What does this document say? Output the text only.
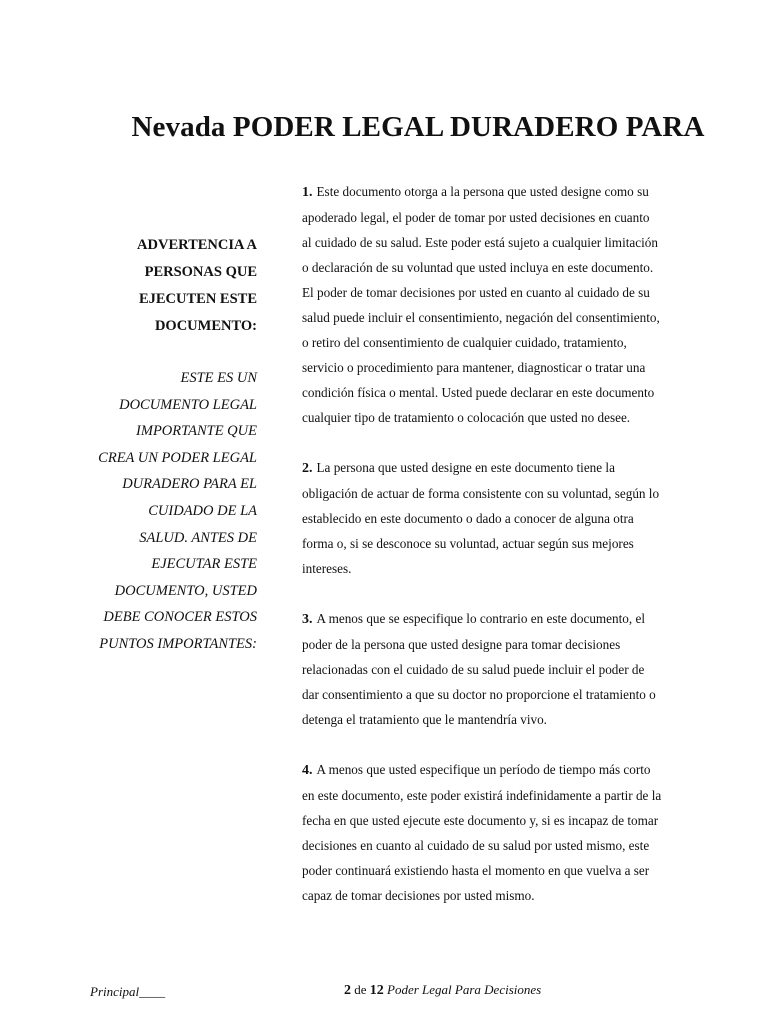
Nevada PODER LEGAL DURADERO PARA
ADVERTENCIA A
PERSONAS QUE
EJECUTEN ESTE
DOCUMENTO:
ESTE ES UN
DOCUMENTO LEGAL
IMPORTANTE QUE
CREA UN PODER LEGAL
DURADERO PARA EL
CUIDADO DE LA
SALUD. ANTES DE
EJECUTAR ESTE
DOCUMENTO, USTED
DEBE CONOCER ESTOS
PUNTOS IMPORTANTES:
1. Este documento otorga a la persona que usted designe como su
apoderado legal, el poder de tomar por usted decisiones en cuanto
al cuidado de su salud. Este poder está sujeto a cualquier limitación
o declaración de su voluntad que usted incluya en este documento.
El poder de tomar decisiones por usted en cuanto al cuidado de su
salud puede incluir el consentimiento, negación del consentimiento,
o retiro del consentimiento de cualquier cuidado, tratamiento,
servicio o procedimiento para mantener, diagnosticar o tratar una
condición física o mental. Usted puede declarar en este documento
cualquier tipo de tratamiento o colocación que usted no desee.
2. La persona que usted designe en este documento tiene la
obligación de actuar de forma consistente con su voluntad, según lo
establecido en este documento o dado a conocer de alguna otra
forma o, si se desconoce su voluntad, actuar según sus mejores
intereses.
3. A menos que se especifique lo contrario en este documento, el
poder de la persona que usted designe para tomar decisiones
relacionadas con el cuidado de su salud puede incluir el poder de
dar consentimiento a que su doctor no proporcione el tratamiento o
detenga el tratamiento que le mantendría vivo.
4. A menos que usted especifique un período de tiempo más corto
en este documento, este poder existirá indefinidamente a partir de la
fecha en que usted ejecute este documento y, si es incapaz de tomar
decisiones en cuanto al cuidado de su salud por usted mismo, este
poder continuará existiendo hasta el momento en que vuelva a ser
capaz de tomar decisiones por usted mismo.
Principal____	2 de 12 Poder Legal Para Decisiones
